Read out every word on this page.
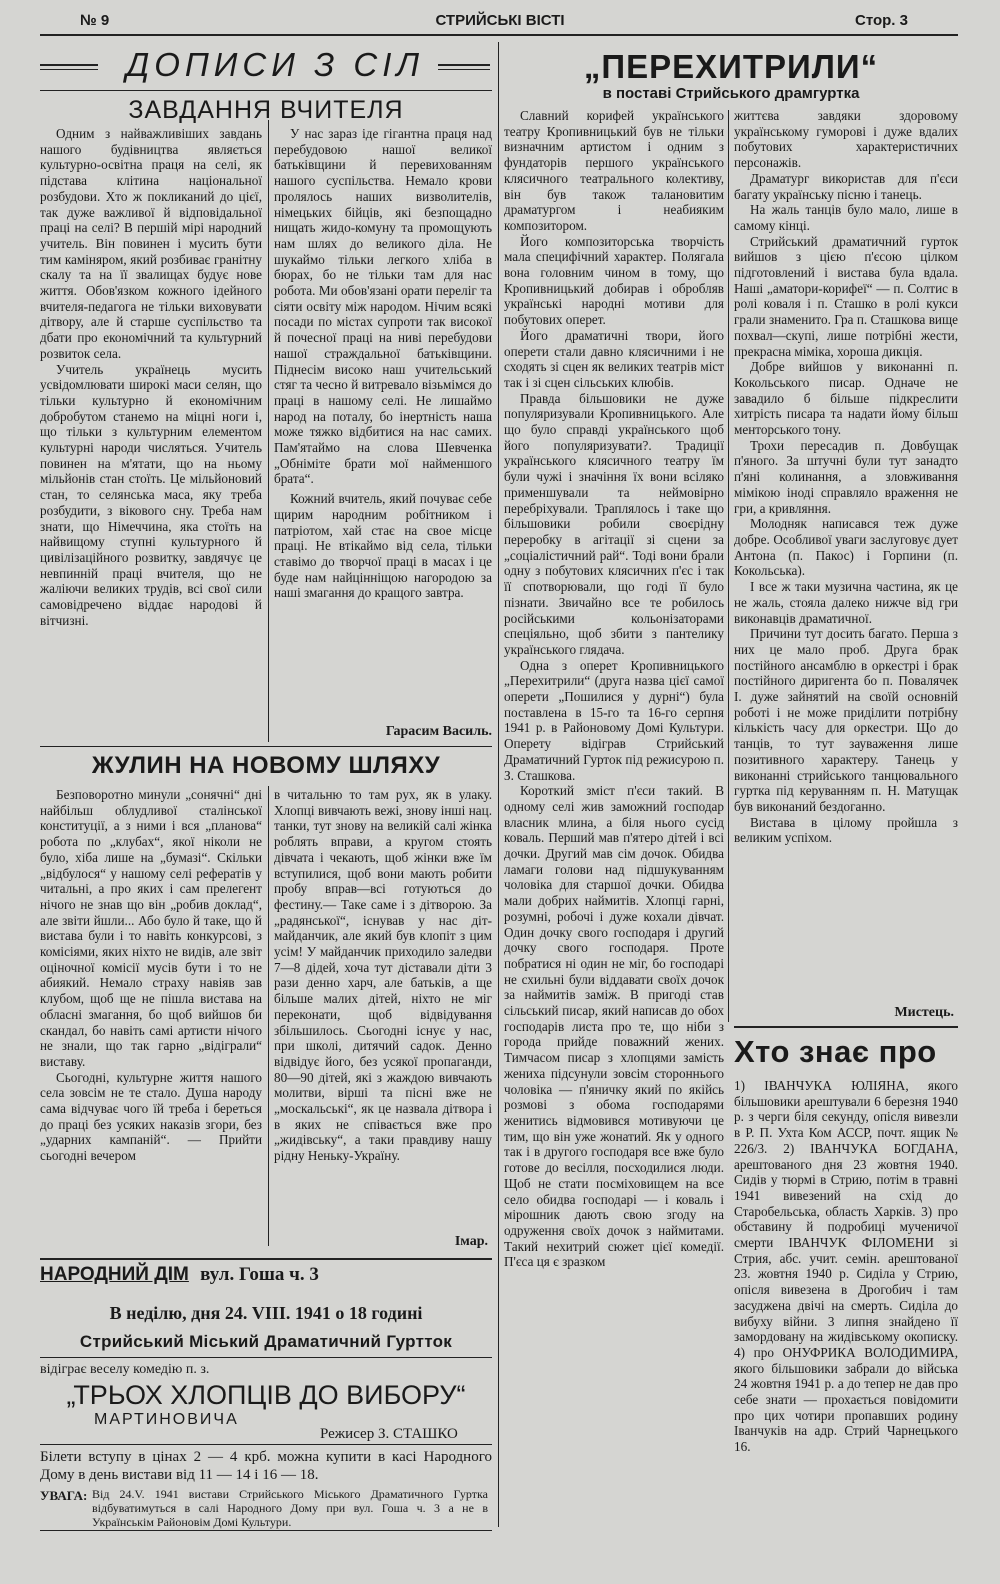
№ 9	СТРИЙСЬКІ ВІСТІ	Стор. 3
ДОПИСИ З СІЛ
ЗАВДАННЯ ВЧИТЕЛЯ

Одним з найважливіших завдань нашого будівництва являється культурно-освітна праця на селі, як підстава клітина національної розбудови. Хто ж покликаний до цієї, так дуже важливої й відповідальної праці на селі? В першій мірі народний учитель. Він повинен і мусить бути тим каміняром, який розбиває гранітну скалу та на її звалищах будує нове життя. Обов'язком кожного ідейного вчителя-педагога не тільки виховувати дітвору, але й старше суспільство та дбати про економічний та культурний розвиток села.

Учитель українець мусить усвідомлювати широкі маси селян, що тільки культурно й економічним добробутом станемо на міцні ноги і, що тільки з культурним елементом культурні народи числяться. Учитель повинен на м'ятати, що на ньому мільйонів стан стоїть. Це мільйоновий стан, то селянська маса, яку треба розбудити, з вікового сну. Треба нам знати, що Німеччина, яка стоїть на найвищому ступні культурного й цивілізаційного розвитку, завдячує це невпинній праці вчителя, що не жаліючи великих трудів, всі свої сили самовідречено віддає народові й вітчизні.

У нас зараз іде гігантна праця над перебудовою нашої великої батьківщини й перевихованням нашого суспільства. Немало крови пролялось наших визволителів, німецьких бійців, які безпощадно нищать жидо-комуну та промощують нам шлях до великого діла. Не шукаймо тільки легкого хліба в бюрах, бо не тільки там для нас робота. Ми обов'язані орати переліг та сіяти освіту між народом. Нічим всякі посади по містах супроти так високої й почесної праці на ниві перебудови нашої страждальної батьківщини. Піднесім високо наш учительський стяг та чесно й витревало візьмімся до праці в нашому селі. Не лишаймо народ на поталу, бо інертність наша може тяжко відбитися на нас самих. Пам'ятаймо на слова Шевченка „Обніміте брати мої найменшого брата“.

Кожний вчитель, який почуває себе щирим народним робітником і патріотом, хай стає на свое місце праці. Не втікаймо від села, тільки ставімо до творчої праці в масах і це буде нам найцінніщою нагородою за наші змагання до кращого завтра.

Гарасим Василь.
ЖУЛИН НА НОВОМУ ШЛЯХУ

Безповоротно минули „сонячні“ дні найбільш облудливої сталінської конституції, а з ними і вся „планова“ робота по „клубах“, якої ніколи не було, хіба лише на „бумазі“. Скільки „відбулося“ у нашому селі рефератів у читальні, а про яких і сам прелегент нічого не знав що він „робив доклад“, але звіти йшли... Або було й таке, що й вистава були і то навіть конкурсові, з комісіями, яких ніхто не видів, але звіт оціночної комісії мусів бути і то не абиякий. Немало страху навіяв зав клубом, щоб ще не пішла вистава на обласні змагання, бо щоб вийшов би скандал, бо навіть самі артисти нічого не знали, що так гарно „відіграли“ виставу.

Сьогодні, культурне життя нашого села зовсім не те стало. Душа народу сама відчуває чого їй треба і береться до праці без усяких наказів згори, без „ударних кампаній“. — Прийти сьогодні вечером

в читальню то там рух, як в улаку. Хлопці вивчають вежі, знову інші нац. танки, тут знову на великій салі жінка роблять вправи, а кругом стоять дівчата і чекають, щоб жінки вже їм вступилися, щоб вони мають робити пробу вправ—всі готуються до фестину.— Таке саме і з дітворою. За „радянської“, існував у нас діт-майданчик, але який був клопіт з цим усім! У майданчик приходило заледви 7—8 дідей, хоча тут діставали діти 3 рази денно харч, але батьків, а ще більше малих дітей, ніхто не міг переконати, щоб відвідування збільшилось. Сьогодні існує у нас, при школі, дитячий садок. Денно відвідує його, без усякої пропаганди, 80—90 дітей, які з жаждою вивчають молитви, вірші та пісні вже не „москальські“, як це назвала дітвора і в яких не співається вже про „жидівську“, а таки правдиву нашу рідну Неньку-Україну.

Імар.
НАРОДНИЙ ДІМ вул. Гоша ч. 3
В неділю, дня 24. VIII. 1941 о 18 годині
Стрийський Міський Драматичний Гуртток
відіграє веселу комедію п. з.
„ТРЬОХ ХЛОПЦІВ ДО ВИБОРУ“
МАРТИНОВИЧА
Режисер З. СТАШКО
Білети вступу в цінах 2 — 4 крб. можна купити в касі Народного Дому в день вистави від 11 — 14 і 16 — 18.
УВАГА: Від 24.V. 1941 вистави Стрийського Міського Драматичного Гуртка відбуватимуться в салі Народного Дому при вул. Гоша ч. 3 а не в Українськім Районовім Домі Культури.
„ПЕРЕХИТРИЛИ“
в поставі Стрийського драмгуртка

Славний корифей українського театру Кропивницький був не тільки визначним артистом і одним з фундаторів першого українського клясичного театрального колективу, він був також талановитим драматургом і неабияким композитором.

Його композиторська творчість мала специфічний характер. Полягала вона головним чином в тому, що Кропивницький добирав і обробляв українські народні мотиви для побутових оперет.

Його драматичні твори, його оперети стали давно клясичними і не сходять зі сцен як великих театрів міст так і зі сцен сільських клюбів.

Правда більшовики не дуже популяризували Кропивницького. Але що було справді українського щоб його популяризувати?. Традиції українського клясичного театру їм були чужі і значіння їх вони всіляко применшували та неймовірно перебріхували. Траплялось і таке що більшовики робили своєрідну переробку в агітації зі сцени за „соціалістичний рай“. Тоді вони брали одну з побутових клясичних п'єс і так її спотворювали, що годі її було пізнати. Звичайно все те робилось російськими кольонізаторами спеціяльно, щоб збити з пантелику українського глядача.

Одна з оперет Кропивницького „Перехитрили“ (друга назва цієї самої оперети „Пошилися у дурні“) була поставлена в 15-го та 16-го серпня 1941 р. в Районовому Домі Культури. Оперету відіграв Стрийський Драматичний Гурток під режисурою п. З. Сташкова.

Короткий зміст п'єси такий. В одному селі жив заможний господар власник млина, а біля нього сусід коваль. Перший мав п'ятеро дітей і всі дочки. Другий мав сім дочок. Обидва ламаги голови над підшукуванням чоловіка для старшої дочки. Обидва мали добрих наймитів. Хлопці гарні, розумні, робочі і дуже кохали дівчат. Один дочку свого господаря і другий дочку свого господаря. Проте побратися ні один не міг, бо господарі не схильні були віддавати своїх дочок за наймитів заміж. В пригоді став сільський писар, який написав до обох господарів листа про те, що ніби з города прийде поважний жених. Тимчасом писар з хлопцями замість жениха підсунули зовсім стороннього чоловіка — п'яничку який по якійсь розмові з обома господарями женитись відмовився мотивуючи це тим, що він уже жонатий. Як у одного так і в другого господаря все вже було готове до весілля, посходилися люди. Щоб не стати посміховищем на все село обидва господарі — і коваль і мірошник дають свою згоду на одруження своїх дочок з наймитами. Такий нехитрий сюжет цієї комедії. П'єса ця є зразком

життєва завдяки здоровому українському гуморові і дуже вдалих побутових характеристичних персонажів.

Драматург використав для п'єси багату українську пісню і танець.

На жаль танців було мало, лише в самому кінці.

Стрийський драматичний гурток вийшов з цією п'єсою цілком підготовлений і вистава була вдала. Наші „аматори-корифеї“ — п. Солтис в ролі коваля і п. Сташко в ролі кукси грали знаменито. Гра п. Сташкова вище похвал—скупі, лише потрібні жести, прекрасна міміка, хороша дикція.

Добре вийшов у виконанні п. Кокольського писар. Одначе не завадило б більше підкреслити хитрість писара та надати йому більш менторського тону.

Трохи пересадив п. Довбущак п'яного. За штучні були тут занадто п'яні колинання, а зловживання мімікою іноді справляло враження не гри, а кривляння.

Молодняк написався теж дуже добре. Особливої уваги заслуговує дует Антона (п. Пакос) і Горпини (п. Кокольська).

І все ж таки музична частина, як це не жаль, стояла далеко нижче від гри виконавців драматичної.

Причини тут досить багато. Перша з них це мало проб. Друга брак постійного ансамблю в оркестрі і брак постійного диригента бо п. Повалячек І. дуже зайнятий на своїй основній роботі і не може приділити потрібну кількість часу для оркестри. Що до танців, то тут зауваження лише позитивного характеру. Танець у виконанні стрийського танцювального гуртка під керуванням п. Н. Матущак був виконаний бездоганно.

Вистава в цілому пройшла з великим успіхом.

Мистець.
Хто знає про

1) ІВАНЧУКА ЮЛІЯНА, якого більшовики арештували 6 березня 1940 р. з черги біля секунду, опісля вивезли в Р. П. Ухта Ком АССР, почт. ящик № 226/3. 2) ІВАНЧУКА БОГДАНА, арештованого дня 23 жовтня 1940. Сидів у тюрмі в Стрию, потім в травні 1941 вивезений на схід до Старобельська, область Харків. 3) про обставину й подробиці мученичої смерти ІВАНЧУК ФІЛОМЕНИ зі Стрия, абс. учит. семін. арештованої 23. жовтня 1940 р. Сиділа у Стрию, опісля вивезена в Дрогобич і там засуджена двічі на смерть. Сиділа до вибуху війни. 3 липня знайдено її замордовану на жидівському окописку. 4) про ОНУФРИКА ВОЛОДИМИРА, якого більшовики забрали до війська 24 жовтня 1941 р. а до тепер не дав про себе знати — прохається повідомити про цих чотири пропавших родину Іванчуків на адр. Стрий Чарнецького 16.
